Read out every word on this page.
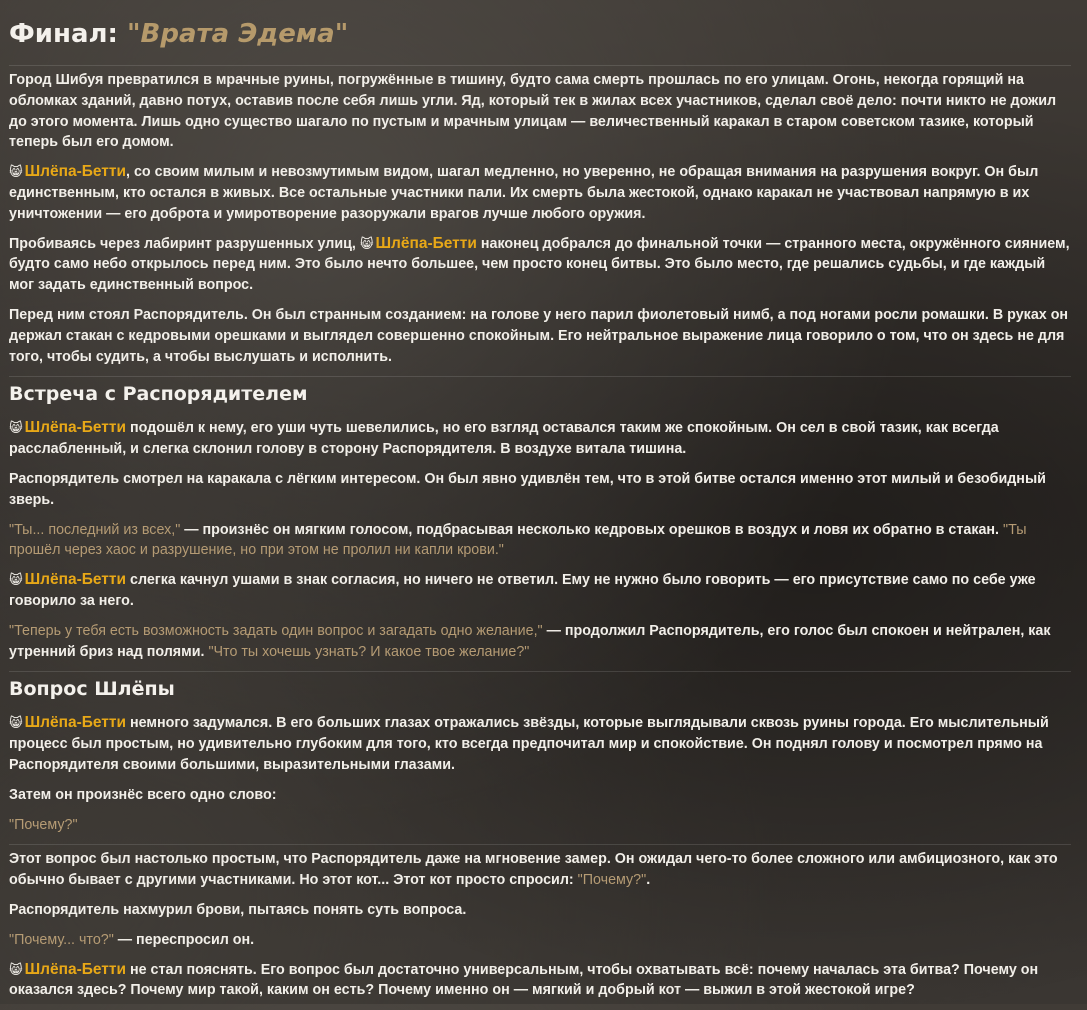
Финал: "Врата Эдема"

Город Шибуя превратился в мрачные руины, погружённые в тишину, будто сама смерть прошлась по его улицам. Огонь, некогда горящий на обломках зданий, давно потух, оставив после себя лишь угли. Яд, который тек в жилах всех участников, сделал своё дело: почти никто не дожил до этого момента. Лишь одно существо шагало по пустым и мрачным улицам — величественный каракал в старом советском тазике, который теперь был его домом.

😸 Шлёпа-Бетти, со своим милым и невозмутимым видом, шагал медленно, но уверенно, не обращая внимания на разрушения вокруг. Он был единственным, кто остался в живых. Все остальные участники пали. Их смерть была жестокой, однако каракал не участвовал напрямую в их уничтожении — его доброта и умиротворение разоружали врагов лучше любого оружия.

Пробиваясь через лабиринт разрушенных улиц, 😸 Шлёпа-Бетти наконец добрался до финальной точки — странного места, окружённого сиянием, будто само небо открылось перед ним. Это было нечто большее, чем просто конец битвы. Это было место, где решались судьбы, и где каждый мог задать единственный вопрос.

Перед ним стоял Распорядитель. Он был странным созданием: на голове у него парил фиолетовый нимб, а под ногами росли ромашки. В руках он держал стакан с кедровыми орешками и выглядел совершенно спокойным. Его нейтральное выражение лица говорило о том, что он здесь не для того, чтобы судить, а чтобы выслушать и исполнить.

Встреча с Распорядителем

😸 Шлёпа-Бетти подошёл к нему, его уши чуть шевелились, но его взгляд оставался таким же спокойным. Он сел в свой тазик, как всегда расслабленный, и слегка склонил голову в сторону Распорядителя. В воздухе витала тишина.

Распорядитель смотрел на каракала с лёгким интересом. Он был явно удивлён тем, что в этой битве остался именно этот милый и безобидный зверь.

"Ты... последний из всех," — произнёс он мягким голосом, подбрасывая несколько кедровых орешков в воздух и ловя их обратно в стакан. "Ты прошёл через хаос и разрушение, но при этом не пролил ни капли крови."

😸 Шлёпа-Бетти слегка качнул ушами в знак согласия, но ничего не ответил. Ему не нужно было говорить — его присутствие само по себе уже говорило за него.

"Теперь у тебя есть возможность задать один вопрос и загадать одно желание," — продолжил Распорядитель, его голос был спокоен и нейтрален, как утренний бриз над полями. "Что ты хочешь узнать? И какое твое желание?"

Вопрос Шлёпы

😸 Шлёпа-Бетти немного задумался. В его больших глазах отражались звёзды, которые выглядывали сквозь руины города. Его мыслительный процесс был простым, но удивительно глубоким для того, кто всегда предпочитал мир и спокойствие. Он поднял голову и посмотрел прямо на Распорядителя своими большими, выразительными глазами.

Затем он произнёс всего одно слово:

"Почему?"

Этот вопрос был настолько простым, что Распорядитель даже на мгновение замер. Он ожидал чего-то более сложного или амбициозного, как это обычно бывает с другими участниками. Но этот кот... Этот кот просто спросил: "Почему?".

Распорядитель нахмурил брови, пытаясь понять суть вопроса.

"Почему... что?" — переспросил он.

😸 Шлёпа-Бетти не стал пояснять. Его вопрос был достаточно универсальным, чтобы охватывать всё: почему началась эта битва? Почему он оказался здесь? Почему мир такой, каким он есть? Почему именно он — мягкий и добрый кот — выжил в этой жестокой игре?
